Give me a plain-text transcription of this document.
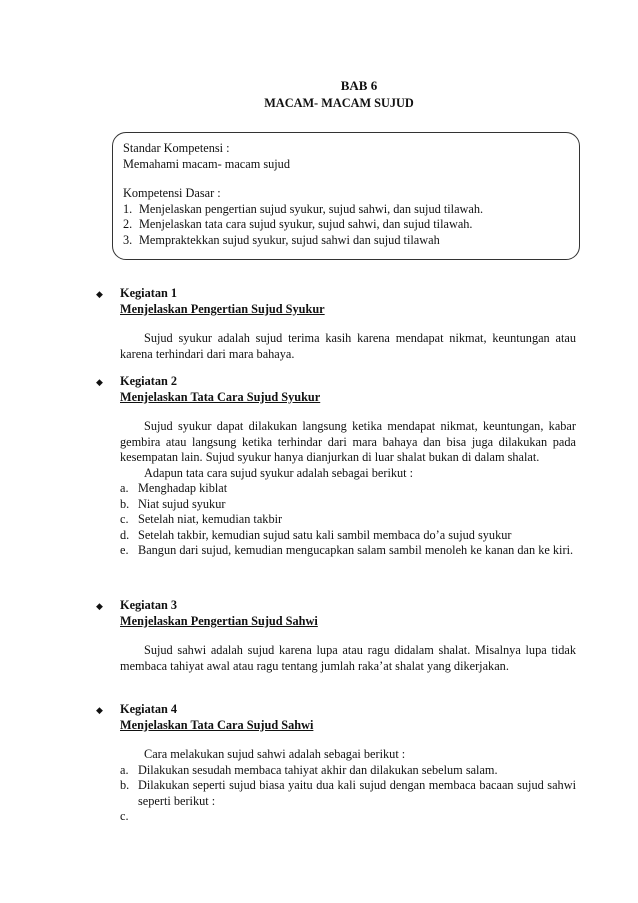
BAB 6
MACAM- MACAM SUJUD
Standar Kompetensi :
Memahami macam- macam sujud
Kompetensi Dasar :
1. Menjelaskan pengertian sujud syukur, sujud sahwi, dan sujud tilawah.
2. Menjelaskan tata cara sujud syukur, sujud sahwi, dan sujud tilawah.
3. Mempraktekkan sujud syukur, sujud sahwi dan sujud tilawah
◆ Kegiatan 1
Menjelaskan Pengertian Sujud Syukur

Sujud syukur adalah sujud terima kasih karena mendapat nikmat, keuntungan atau karena terhindari dari mara bahaya.

◆ Kegiatan 2
Menjelaskan Tata Cara Sujud Syukur

Sujud syukur dapat dilakukan langsung ketika mendapat nikmat, keuntungan, kabar gembira atau langsung ketika terhindar dari mara bahaya dan bisa juga dilakukan pada kesempatan lain. Sujud syukur hanya dianjurkan di luar shalat bukan di dalam shalat.

Adapun tata cara sujud syukur adalah sebagai berikut :

a. Menghadap kiblat
b. Niat sujud syukur
c. Setelah niat, kemudian takbir
d. Setelah takbir, kemudian sujud satu kali sambil membaca do’a sujud syukur
e. Bangun dari sujud, kemudian mengucapkan salam sambil menoleh ke kanan dan ke kiri.
◆ Kegiatan 3
Menjelaskan Pengertian Sujud Sahwi

Sujud sahwi adalah sujud karena lupa atau ragu didalam shalat. Misalnya lupa tidak membaca tahiyat awal atau ragu tentang jumlah raka’at shalat yang dikerjakan.

◆ Kegiatan 4
Menjelaskan Tata Cara Sujud Sahwi

Cara melakukan sujud sahwi adalah sebagai berikut :

a. Dilakukan sesudah membaca tahiyat akhir dan dilakukan sebelum salam.
b. Dilakukan seperti sujud biasa yaitu dua kali sujud dengan membaca bacaan sujud sahwi seperti berikut :
c.
